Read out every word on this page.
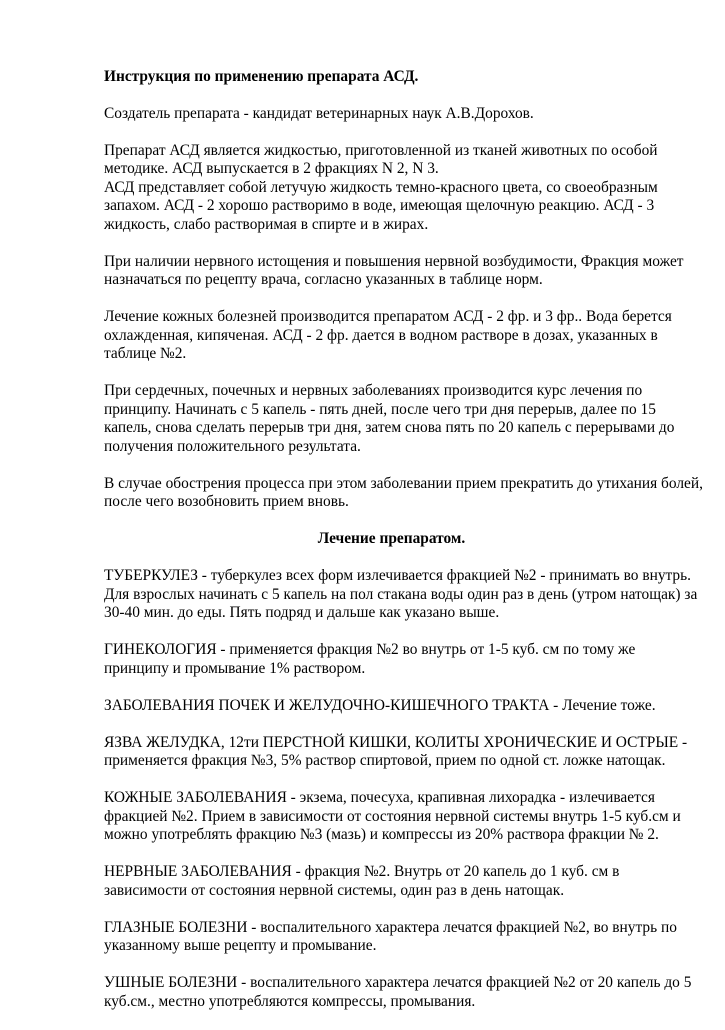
Инструкция по применению препарата АСД.

Создатель препарата - кандидат ветеринарных наук А.В.Дорохов.

Препарат АСД является жидкостью, приготовленной из тканей животных по особой
методике. АСД выпускается в 2 фракциях N 2, N 3.
АСД представляет собой летучую жидкость темно-красного цвета, со своеобразным
запахом. АСД - 2 хорошо растворимо в воде, имеющая щелочную реакцию. АСД - 3
жидкость, слабо растворимая в спирте и в жирах.

При наличии нервного истощения и повышения нервной возбудимости, Фракция может
назначаться по рецепту врача, согласно указанных в таблице норм.

Лечение кожных болезней производится препаратом АСД - 2 фр. и 3 фр.. Вода берется
охлажденная, кипяченая. АСД - 2 фр. дается в водном растворе в дозах, указанных в
таблице №2.

При сердечных, почечных и нервных заболеваниях производится курс лечения по
принципу. Начинать с 5 капель - пять дней, после чего три дня перерыв, далее по 15
капель, снова сделать перерыв три дня, затем снова пять по 20 капель с перерывами до
получения положительного результата.

В случае обострения процесса при этом заболевании прием прекратить до утихания болей,
после чего возобновить прием вновь.

Лечение препаратом.

ТУБЕРКУЛЕЗ - туберкулез всех форм излечивается фракцией №2 - принимать во внутрь.
Для взрослых начинать с 5 капель на пол стакана воды один раз в день (утром натощак) за
30-40 мин. до еды. Пять подряд и дальше как указано выше.

ГИНЕКОЛОГИЯ - применяется фракция №2 во внутрь от 1-5 куб. см по тому же
принципу и промывание 1% раствором.

ЗАБОЛЕВАНИЯ ПОЧЕК И ЖЕЛУДОЧНО-КИШЕЧНОГО ТРАКТА - Лечение тоже.

ЯЗВА ЖЕЛУДКА, 12ти ПЕРСТНОЙ КИШКИ, КОЛИТЫ ХРОНИЧЕСКИЕ И ОСТРЫЕ -
применяется фракция №3, 5% раствор спиртовой, прием по одной ст. ложке натощак.

КОЖНЫЕ ЗАБОЛЕВАНИЯ - экзема, почесуха, крапивная лихорадка - излечивается
фракцией №2. Прием в зависимости от состояния нервной системы внутрь 1-5 куб.см и
можно употреблять фракцию №3 (мазь) и компрессы из 20% раствора фракции № 2.

НЕРВНЫЕ ЗАБОЛЕВАНИЯ - фракция №2. Внутрь от 20 капель до 1 куб. см в
зависимости от состояния нервной системы, один раз в день натощак.

ГЛАЗНЫЕ БОЛЕЗНИ - воспалительного характера лечатся фракцией №2, во внутрь по
указанному выше рецепту и промывание.

УШНЫЕ БОЛЕЗНИ - воспалительного характера лечатся фракцией №2 от 20 капель до 5
куб.см., местно употребляются компрессы, промывания.
